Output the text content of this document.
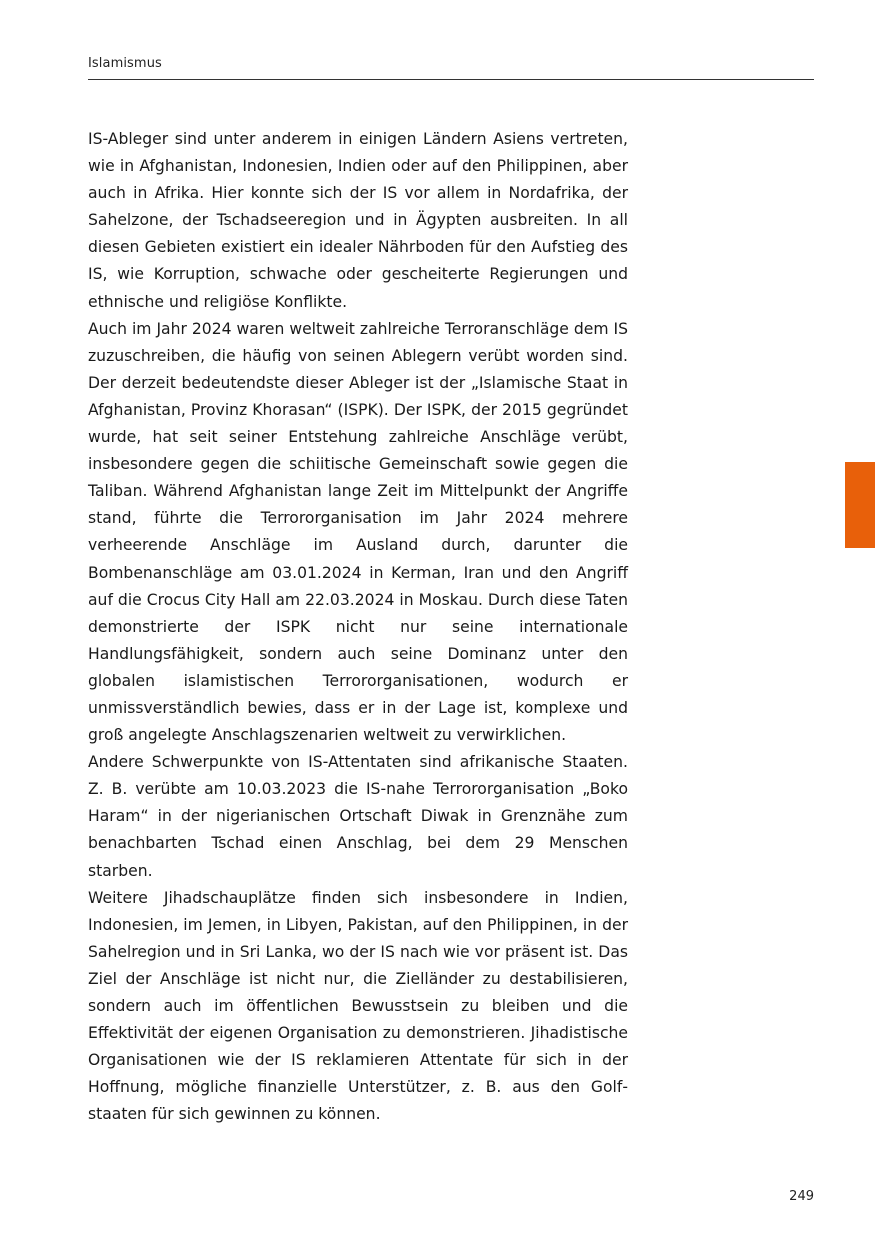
Islamismus

IS-Ableger sind unter anderem in einigen Ländern Asiens vertreten, wie in Afghanistan, Indonesien, Indien oder auf den Philippinen, aber auch in Afrika. Hier konnte sich der IS vor allem in Nordafrika, der Sahelzone, der Tschadseeregion und in Ägypten ausbreiten. In all diesen Gebieten existiert ein idealer Nährboden für den Aufstieg des IS, wie Korruption, schwache oder gescheiterte Regierungen und ethnische und religiöse Konflikte.

Auch im Jahr 2024 waren weltweit zahlreiche Terroranschläge dem IS zuzuschreiben, die häufig von seinen Ablegern verübt worden sind. Der derzeit bedeutendste dieser Ableger ist der „Islamische Staat in Afghanistan, Provinz Khorasan“ (ISPK). Der ISPK, der 2015 gegründet wurde, hat seit seiner Entstehung zahlreiche Anschläge verübt, insbesondere gegen die schiitische Gemeinschaft sowie gegen die Taliban. Während Afghanistan lange Zeit im Mittelpunkt der Angriffe stand, führte die Terrororganisation im Jahr 2024 mehrere verheerende Anschläge im Ausland durch, darunter die Bombenanschläge am 03.01.2024 in Kerman, Iran und den Angriff auf die Crocus City Hall am 22.03.2024 in Moskau. Durch diese Taten demonstrierte der ISPK nicht nur seine internationale Handlungsfähigkeit, sondern auch seine Dominanz unter den globalen islamistischen Terrororganisationen, wodurch er unmissverständlich bewies, dass er in der Lage ist, komplexe und groß angelegte Anschlagszenarien weltweit zu verwirklichen.

Andere Schwerpunkte von IS-Attentaten sind afrikanische Staaten. Z. B. verübte am 10.03.2023 die IS-nahe Terrororganisation „Boko Haram“ in der nigerianischen Ortschaft Diwak in Grenznähe zum benachbarten Tschad einen Anschlag, bei dem 29 Menschen starben.

Weitere Jihadschauplätze finden sich insbesondere in Indien, Indonesien, im Jemen, in Libyen, Pakistan, auf den Philippinen, in der Sahelregion und in Sri Lanka, wo der IS nach wie vor präsent ist. Das Ziel der Anschläge ist nicht nur, die Zielländer zu destabilisieren, sondern auch im öffentlichen Bewusstsein zu bleiben und die Effektivität der eigenen Organisation zu demonstrieren. Jihadistische Organisationen wie der IS reklamieren Attentate für sich in der Hoffnung, mögliche finanzielle Unterstützer, z. B. aus den Golfstaaten für sich gewinnen zu können.

249
